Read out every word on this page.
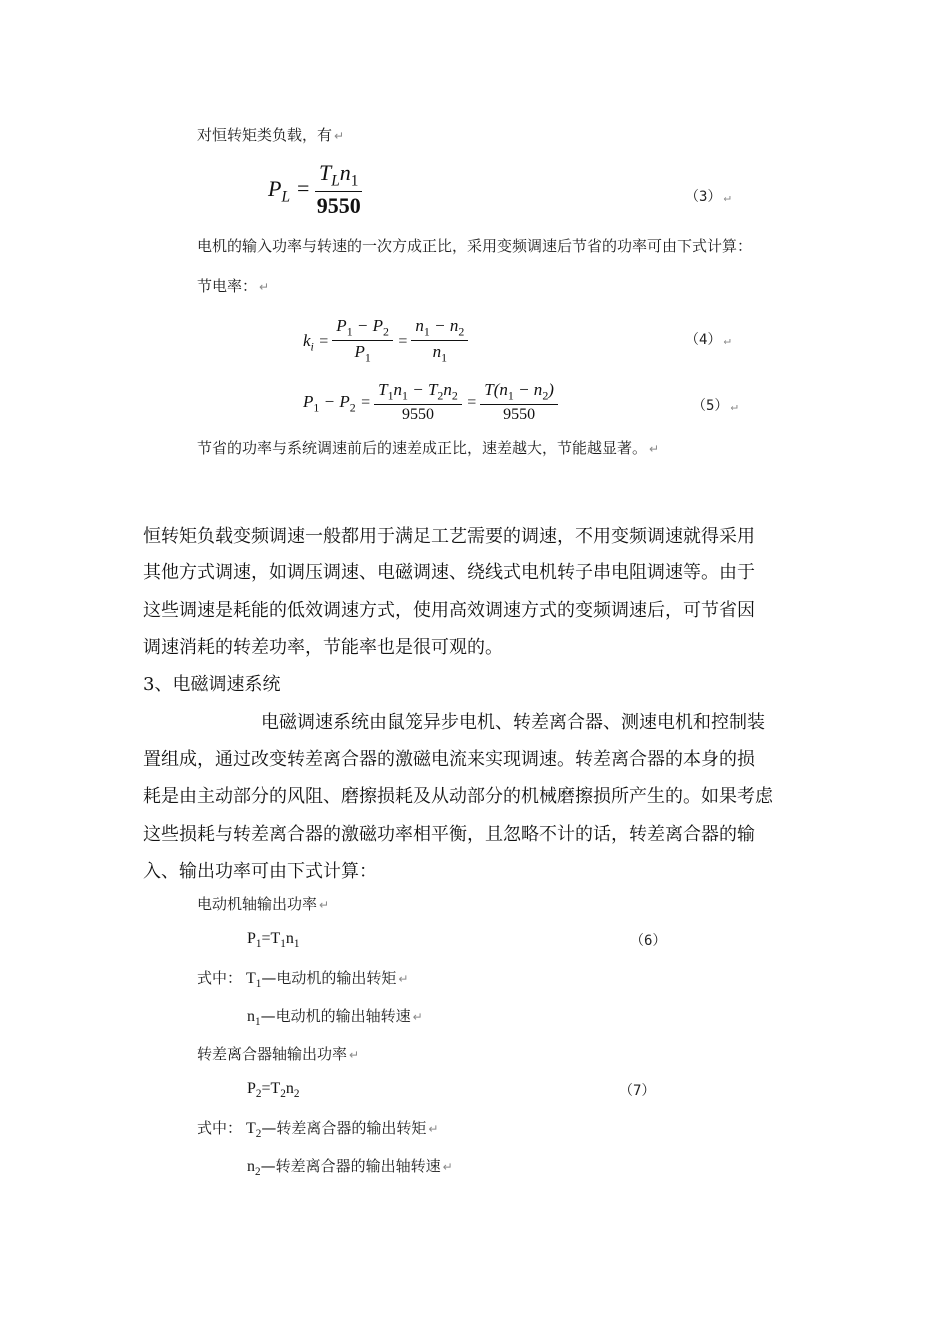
对恒转矩类负载，有 ↵
$P_L = \frac{T_Ln_1}{9550}$	（3） ↵
电机的输入功率与转速的一次方成正比，采用变频调速后节省的功率可由下式计算：
节电率： ↵
$k_i = \frac{P_1 - P_2}{P_1} = \frac{n_1 - n_2}{n_1}$	（4） ↵
$P_1 - P_2 = \frac{T_1n_1 - T_2n_2}{9550} = \frac{T(n_1 - n_2)}{9550}$	（5） ↵
节省的功率与系统调速前后的速差成正比，速差越大，节能越显著。 ↵
恒转矩负载变频调速一般都用于满足工艺需要的调速，不用变频调速就得采用
其他方式调速，如调压调速、电磁调速、绕线式电机转子串电阻调速等。由于
这些调速是耗能的低效调速方式，使用高效调速方式的变频调速后，可节省因
调速消耗的转差功率，节能率也是很可观的。
3、电磁调速系统
电磁调速系统由鼠笼异步电机、转差离合器、测速电机和控制装
置组成，通过改变转差离合器的激磁电流来实现调速。转差离合器的本身的损
耗是由主动部分的风阻、磨擦损耗及从动部分的机械磨擦损所产生的。如果考虑
这些损耗与转差离合器的激磁功率相平衡，且忽略不计的话，转差离合器的输
入、输出功率可由下式计算：
电动机轴输出功率 ↵
$P_1=T_1n_1$	（6）
式中： $T_1—$电动机的输出转矩 ↵
$n_1—$电动机的输出轴转速 ↵
转差离合器轴输出功率 ↵
$P_2=T_2n_2$	（7）
式中： $T_2—$转差离合器的输出转矩 ↵
$n_2—$转差离合器的输出轴转速 ↵
